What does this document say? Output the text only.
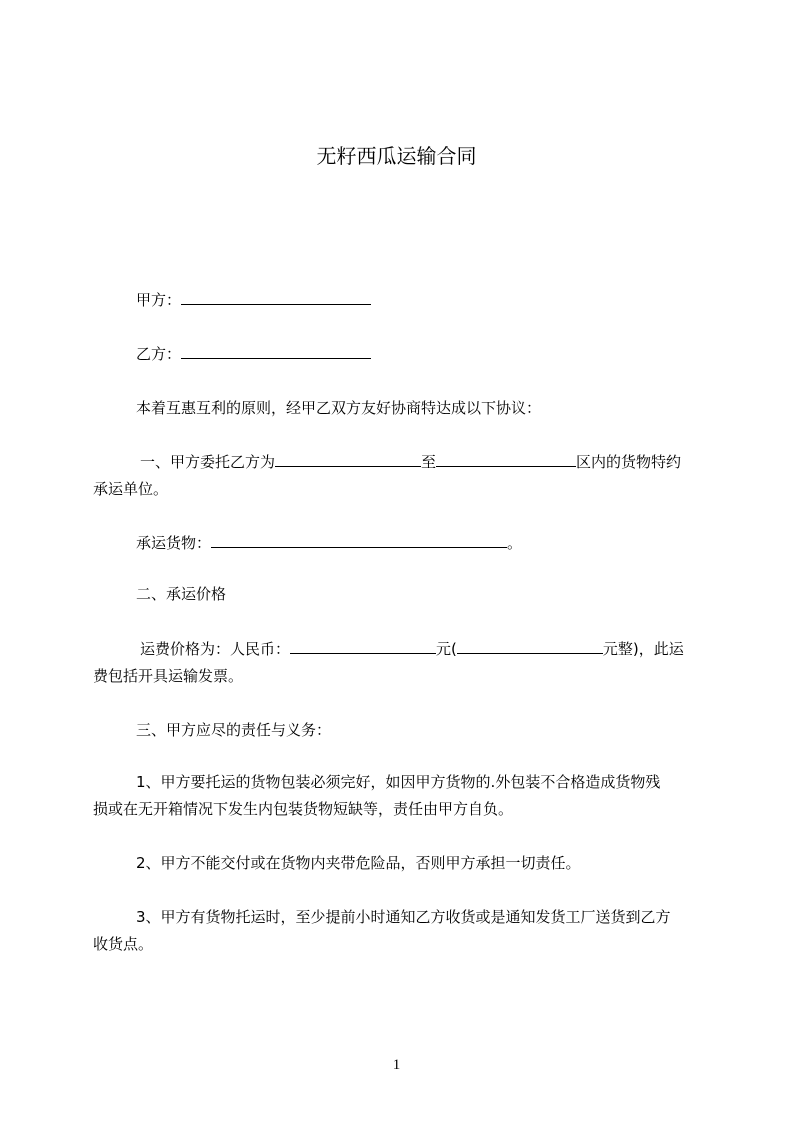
无籽西瓜运输合同
甲方：
乙方：
本着互惠互利的原则，经甲乙双方友好协商特达成以下协议：
一、甲方委托乙方为	至	区内的货物特约
承运单位。
承运货物：	。
二、承运价格
运费价格为：人民币：	元(	元整)，此运
费包括开具运输发票。
三、甲方应尽的责任与义务：
1、甲方要托运的货物包装必须完好，如因甲方货物的.外包装不合格造成货物残
损或在无开箱情况下发生内包装货物短缺等，责任由甲方自负。
2、甲方不能交付或在货物内夹带危险品，否则甲方承担一切责任。
3、甲方有货物托运时，至少提前小时通知乙方收货或是通知发货工厂送货到乙方
收货点。
1
